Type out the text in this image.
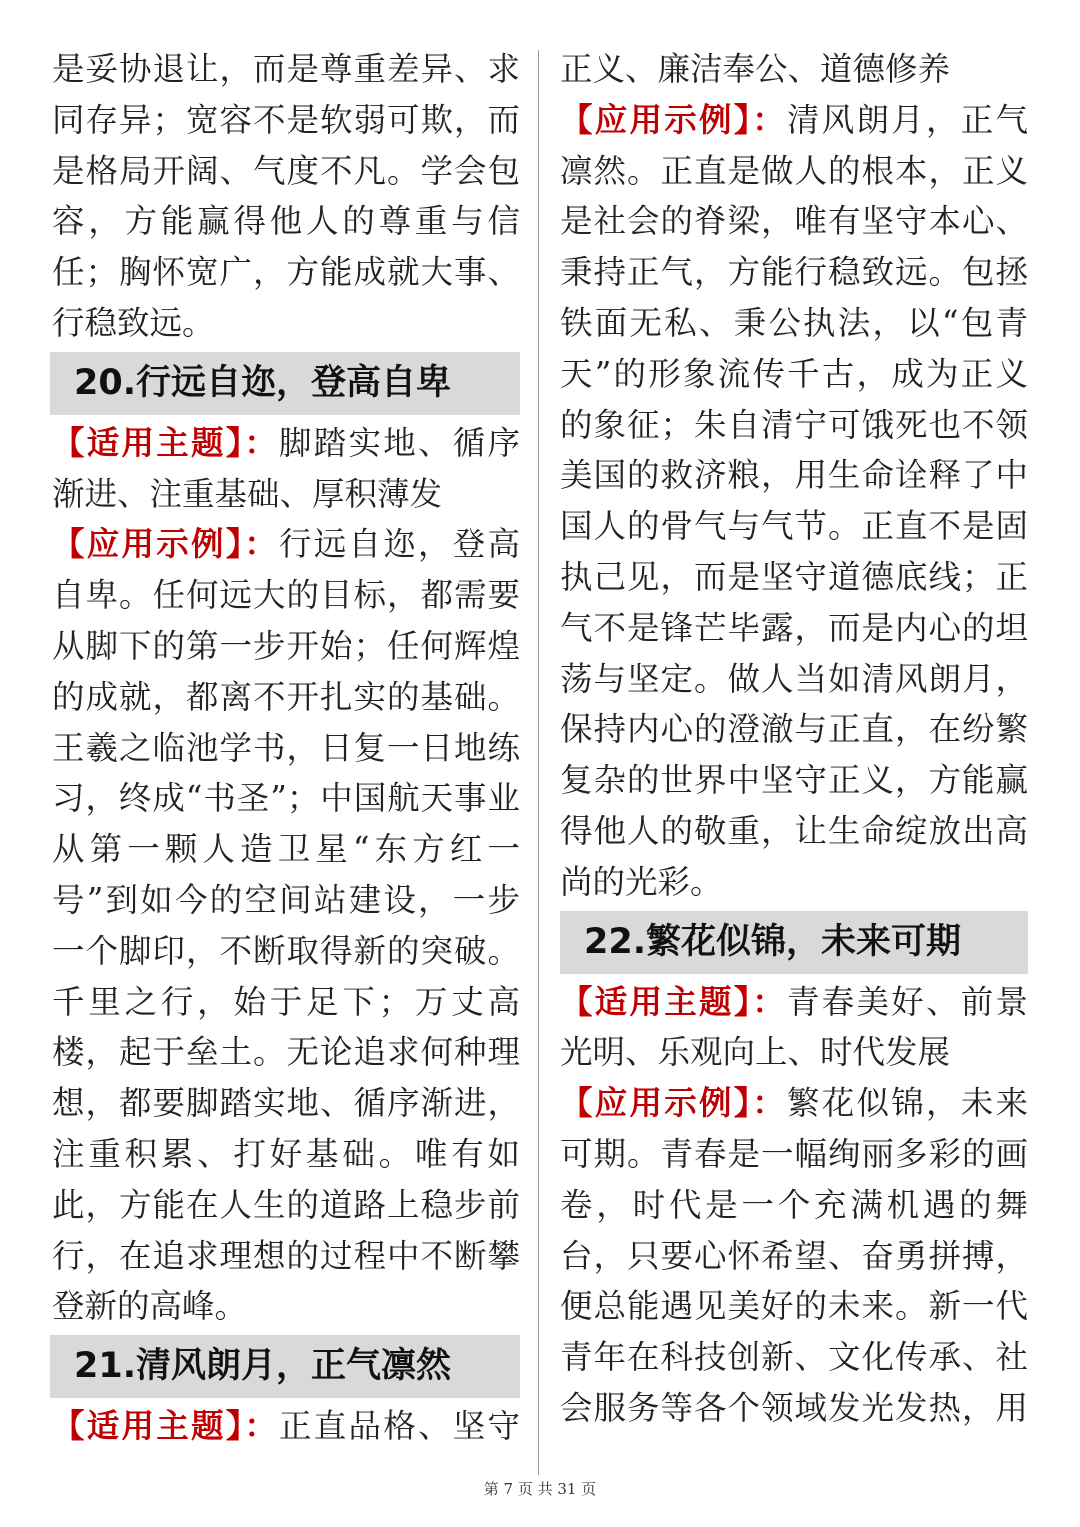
是妥协退让，而是尊重差异、求同存异；宽容不是软弱可欺，而是格局开阔、气度不凡。学会包容，方能赢得他人的尊重与信任；胸怀宽广，方能成就大事、行稳致远。

20.行远自迩，登高自卑

【适用主题】：脚踏实地、循序渐进、注重基础、厚积薄发

【应用示例】：行远自迩，登高自卑。任何远大的目标，都需要从脚下的第一步开始；任何辉煌的成就，都离不开扎实的基础。王羲之临池学书，日复一日地练习，终成“书圣”；中国航天事业从第一颗人造卫星“东方红一号”到如今的空间站建设，一步一个脚印，不断取得新的突破。千里之行，始于足下；万丈高楼，起于垒土。无论追求何种理想，都要脚踏实地、循序渐进，注重积累、打好基础。唯有如此，方能在人生的道路上稳步前行，在追求理想的过程中不断攀登新的高峰。

21.清风朗月，正气凛然

【适用主题】：正直品格、坚守

正义、廉洁奉公、道德修养

【应用示例】：清风朗月，正气凛然。正直是做人的根本，正义是社会的脊梁，唯有坚守本心、秉持正气，方能行稳致远。包拯铁面无私、秉公执法，以“包青天”的形象流传千古，成为正义的象征；朱自清宁可饿死也不领美国的救济粮，用生命诠释了中国人的骨气与气节。正直不是固执己见，而是坚守道德底线；正气不是锋芒毕露，而是内心的坦荡与坚定。做人当如清风朗月，保持内心的澄澈与正直，在纷繁复杂的世界中坚守正义，方能赢得他人的敬重，让生命绽放出高尚的光彩。

22.繁花似锦，未来可期

【适用主题】：青春美好、前景光明、乐观向上、时代发展

【应用示例】：繁花似锦，未来可期。青春是一幅绚丽多彩的画卷，时代是一个充满机遇的舞台，只要心怀希望、奋勇拼搏，便总能遇见美好的未来。新一代青年在科技创新、文化传承、社会服务等各个领域发光发热，用

第 7 页 共 31 页
